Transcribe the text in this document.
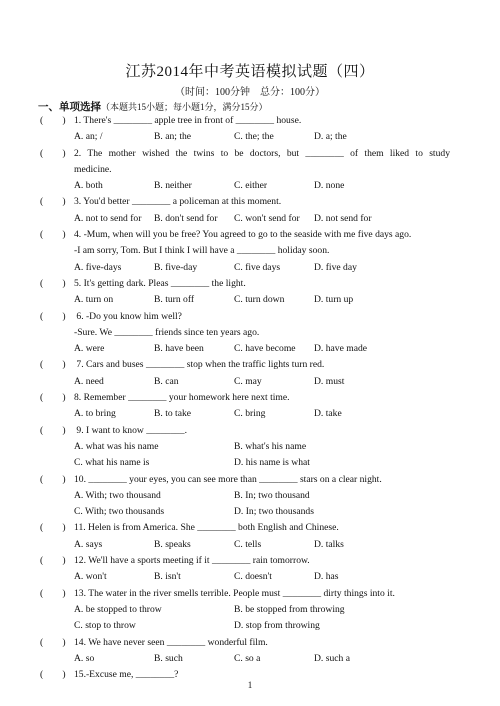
江苏2014年中考英语模拟试题（四）
（时间：100分钟　总分：100分）
一、单项选择（本题共15小题；每小题1分，满分15分）
(　　) 1. There's ________ apple tree in front of ________ house.
A. an; /	B. an; the	C. the; the	D. a; the
(　　)2. The mother wished the twins to be doctors, but ________ of them liked to study
medicine.
A. both	B. neither	C. either	D. none
(　　) 3. You'd better ________ a policeman at this moment.
A. not to send for	B. don't send for	C. won't send for	D. not send for
(　　) 4. -Mum, when will you be free? You agreed to go to the seaside with me five days ago.
-I am sorry, Tom. But I think I will have a ________ holiday soon.
A. five-days	B. five-day	C. five days	D. five day
(　　) 5. It's getting dark. Pleas ________ the light.
A. turn on	B. turn off	C. turn down	D. turn up
(　　) 6. -Do you know him well?
-Sure. We ________ friends since ten years ago.
A. were	B. have been	C. have become	D. have made
(　　) 7. Cars and buses ________ stop when the traffic lights turn red.
A. need	B. can	C. may	D. must
(　　) 8. Remember ________ your homework here next time.
A. to bring	B. to take	C. bring	D. take
(　　) 9. I want to know ________.
A. what was his name	B. what's his name
C. what his name is	D. his name is what
(　　) 10. ________ your eyes, you can see more than ________ stars on a clear night.
A. With; two thousand	B. In; two thousand
C. With; two thousands	D. In; two thousands
(　　) 11. Helen is from America. She ________ both English and Chinese.
A. says	B. speaks	C. tells	D. talks
(　　) 12. We'll have a sports meeting if it ________ rain tomorrow.
A. won't	B. isn't	C. doesn't	D. has
(　　) 13. The water in the river smells terrible. People must ________ dirty things into it.
A. be stopped to throw	B. be stopped from throwing
C. stop to throw	D. stop from throwing
(　　) 14. We have never seen ________ wonderful film.
A. so	B. such	C. so a	D. such a
(　　) 15.-Excuse me, ________?
1
